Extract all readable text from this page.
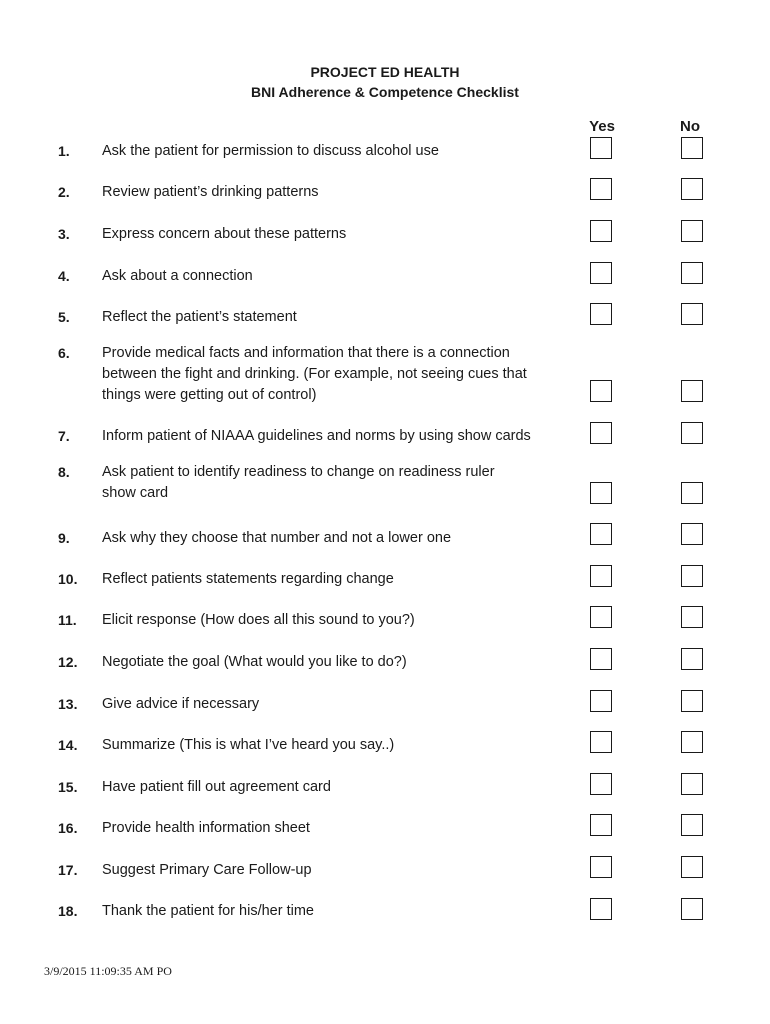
PROJECT ED HEALTH
BNI Adherence & Competence Checklist
Yes	No
1. Ask the patient for permission to discuss alcohol use
2. Review patient’s drinking patterns
3. Express concern about these patterns
4. Ask about a connection
5. Reflect the patient’s statement
6. Provide medical facts and information that there is a connection between the fight and drinking. (For example, not seeing cues that things were getting out of control)
7. Inform patient of NIAAA guidelines and norms by using show cards
8. Ask patient to identify readiness to change on readiness ruler show card
9. Ask why they choose that number and not a lower one
10. Reflect patients statements regarding change
11. Elicit response (How does all this sound to you?)
12. Negotiate the goal (What would you like to do?)
13. Give advice if necessary
14. Summarize (This is what I’ve heard you say..)
15. Have patient fill out agreement card
16. Provide health information sheet
17. Suggest Primary Care Follow-up
18. Thank the patient for his/her time
3/9/2015 11:09:35 AM PO
